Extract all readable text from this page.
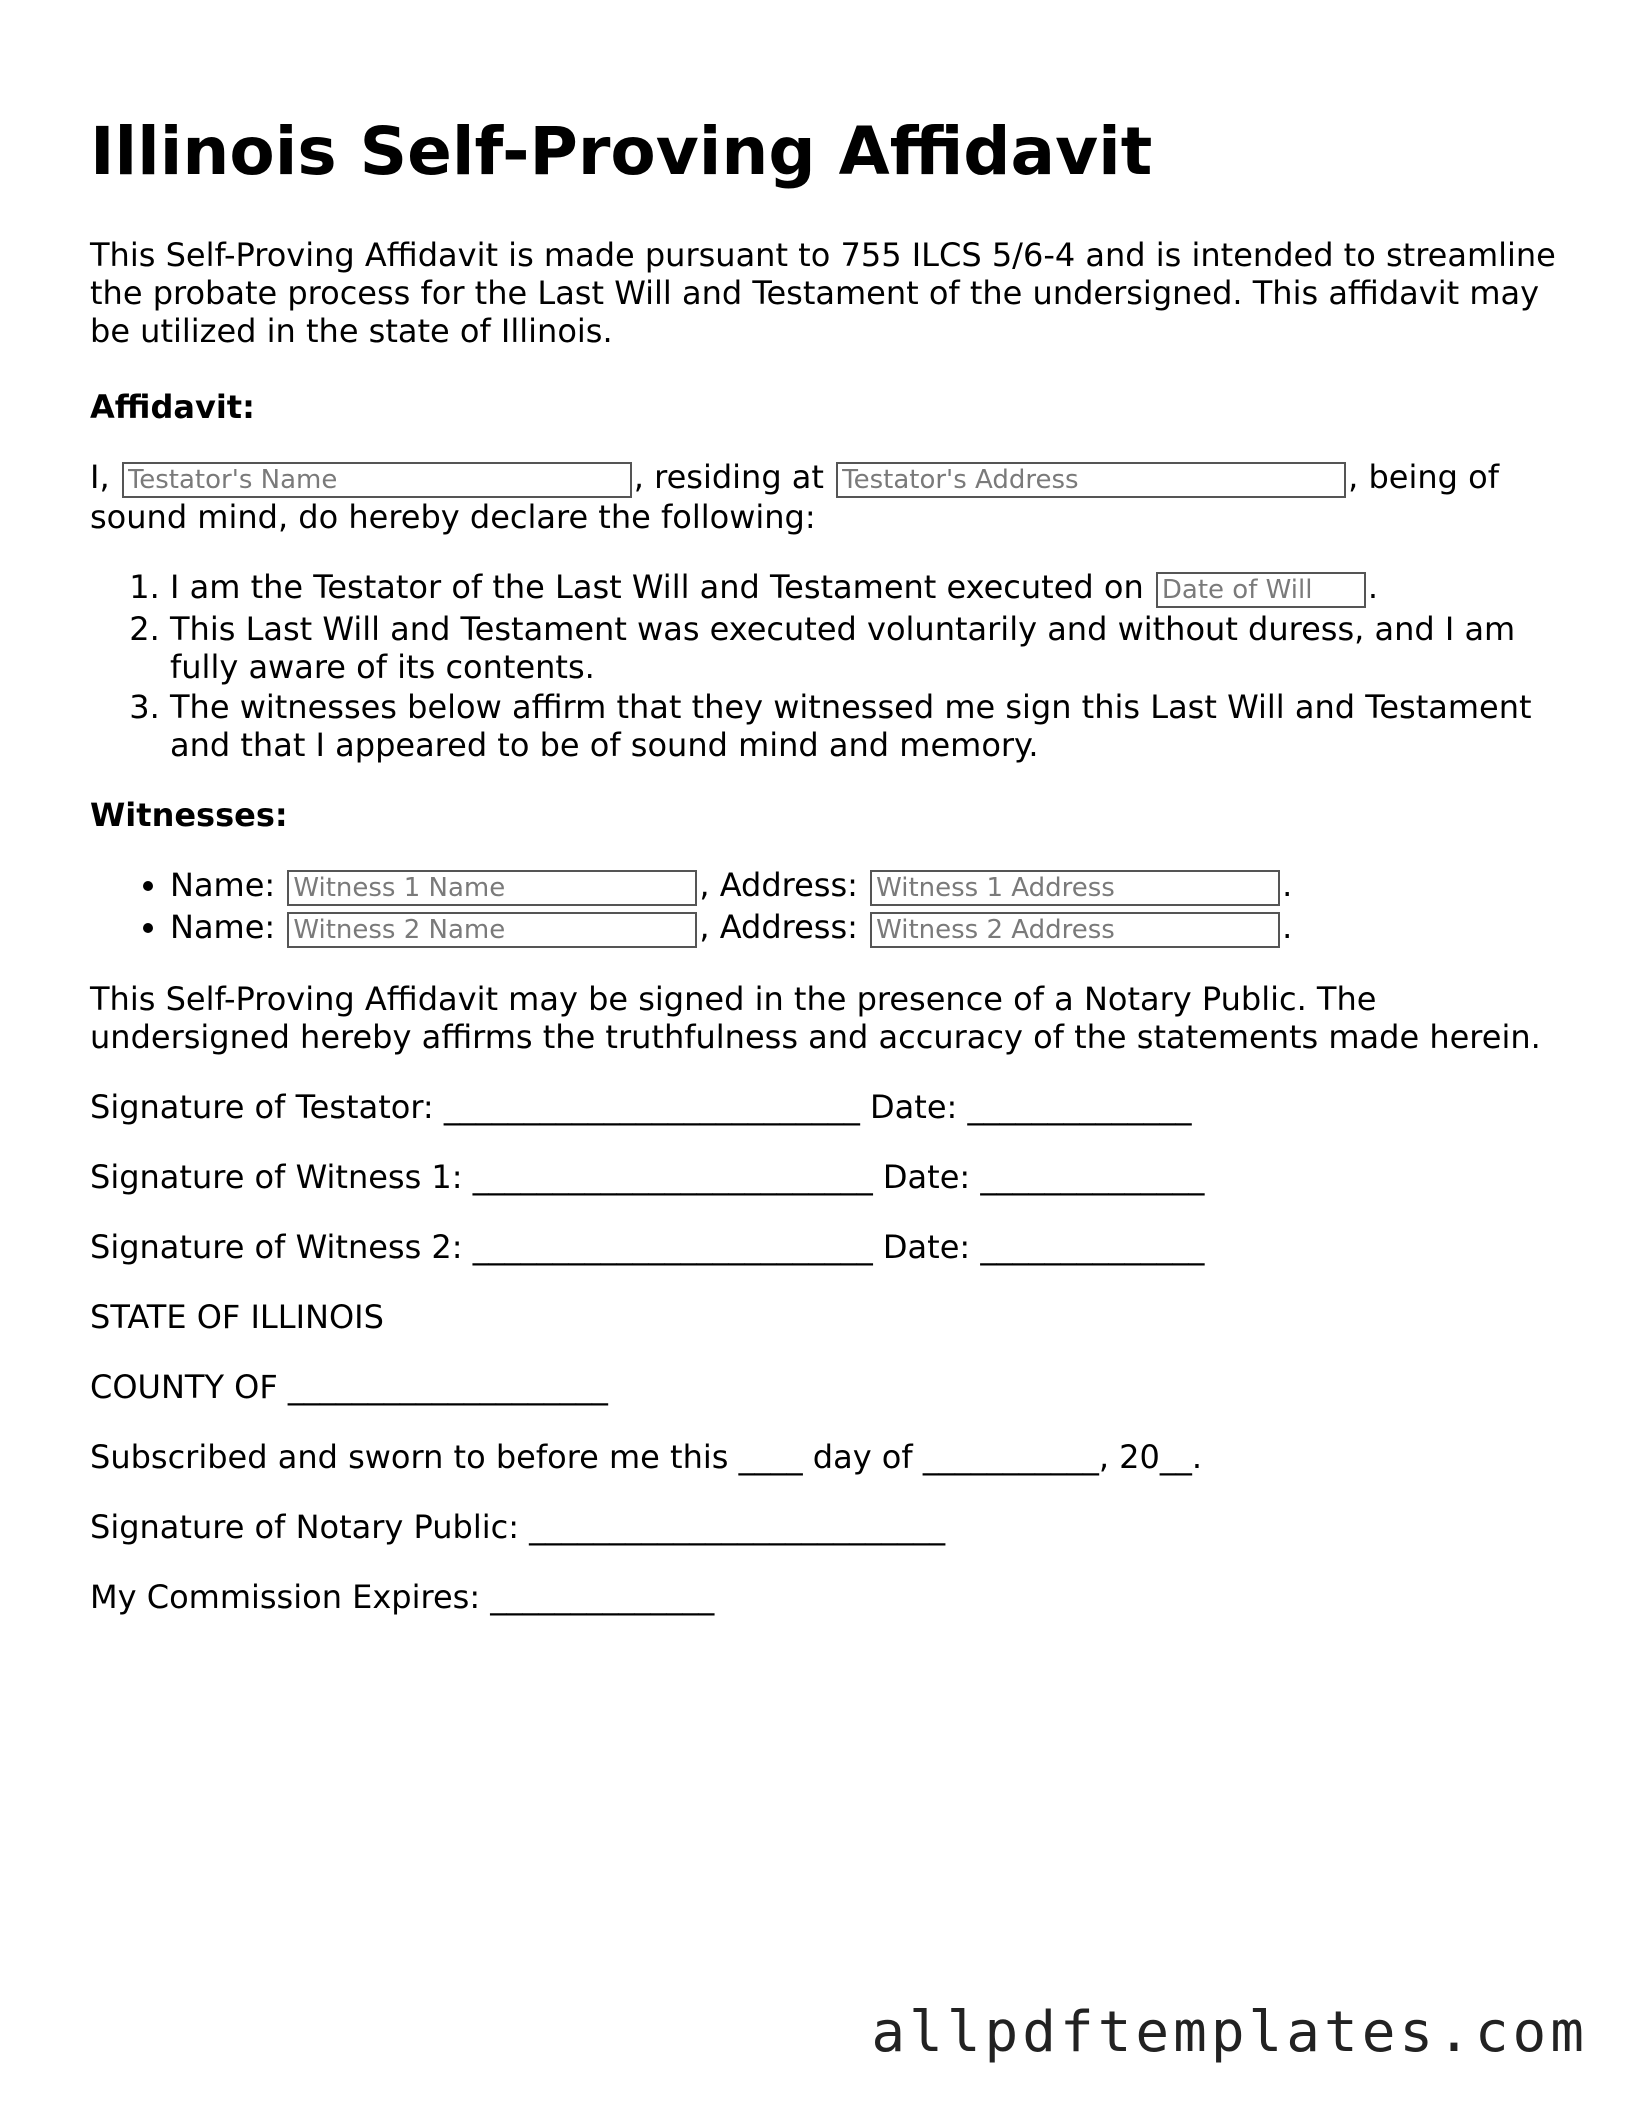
Illinois Self-Proving Affidavit

This Self-Proving Affidavit is made pursuant to 755 ILCS 5/6-4 and is intended to streamline the probate process for the Last Will and Testament of the undersigned. This affidavit may be utilized in the state of Illinois.

Affidavit:

I, Testator's Name	, residing at Testator's Address	, being of sound mind, do hereby declare the following:

1. I am the Testator of the Last Will and Testament executed on Date of Will	.
2. This Last Will and Testament was executed voluntarily and without duress, and I am fully aware of its contents.
3. The witnesses below affirm that they witnessed me sign this Last Will and Testament and that I appeared to be of sound mind and memory.

Witnesses:

• Name: Witness 1 Name	, Address: Witness 1 Address	.
• Name: Witness 2 Name	, Address: Witness 2 Address	.

This Self-Proving Affidavit may be signed in the presence of a Notary Public. The undersigned hereby affirms the truthfulness and accuracy of the statements made herein.

Signature of Testator: __________________________ Date: ______________

Signature of Witness 1: _________________________ Date: ______________

Signature of Witness 2: _________________________ Date: ______________

STATE OF ILLINOIS

COUNTY OF ____________________

Subscribed and sworn to before me this ____ day of ___________, 20__.

Signature of Notary Public: __________________________

My Commission Expires: ______________

allpdftemplates.com
